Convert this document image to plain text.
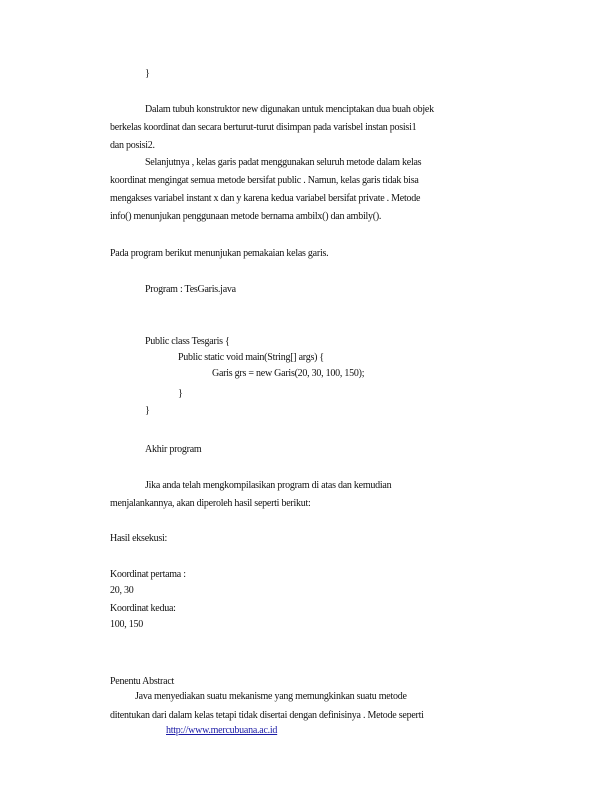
}
Dalam tubuh konstruktor new digunakan untuk menciptakan dua buah objek
berkelas koordinat dan secara berturut-turut disimpan pada varisbel instan posisi1
dan posisi2.
Selanjutnya , kelas garis padat menggunakan seluruh metode dalam kelas
koordinat mengingat semua metode bersifat public . Namun, kelas garis tidak bisa
mengakses variabel instant x dan y karena kedua variabel bersifat private . Metode
info() menunjukan penggunaan metode bernama ambilx() dan ambily().
Pada program berikut menunjukan pemakaian kelas garis.
Program : TesGaris.java
Public class Tesgaris {
Public static void main(String[] args) {
Garis grs = new Garis(20, 30, 100, 150);
}
}
Akhir program
Jika anda telah mengkompilasikan program di atas dan kemudian
menjalankannya, akan diperoleh hasil seperti berikut:
Hasil eksekusi:
Koordinat pertama :
20, 30
Koordinat kedua:
100, 150
Penentu Abstract
Java menyediakan suatu mekanisme yang memungkinkan suatu metode
ditentukan dari dalam kelas tetapi tidak disertai dengan definisinya . Metode seperti
http://www.mercubuana.ac.id
